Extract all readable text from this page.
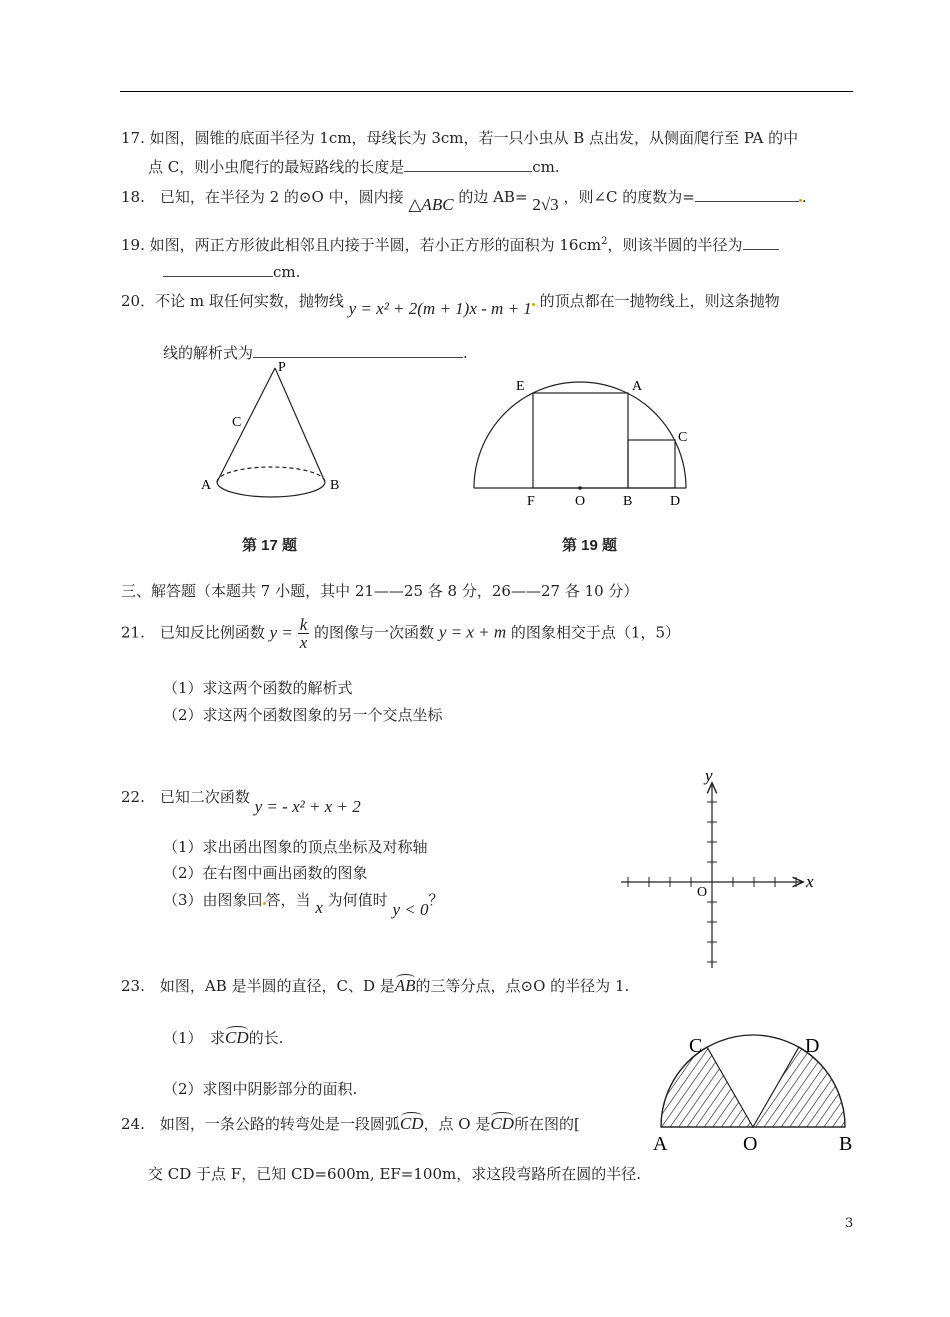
17. 如图，圆锥的底面半径为 1cm，母线长为 3cm，若一只小虫从 B 点出发，从侧面爬行至 PA 的中
点 C，则小虫爬行的最短路线的长度是	cm.
18.　已知，在半径为 2 的⊙O 中，圆内接 △ABC 的边 AB= 2√3 ，则∠C 的度数为=	.
19. 如图，两正方形彼此相邻且内接于半圆，若小正方形的面积为 $16cm^2$，则该半圆的半径为
cm.
20．不论 m 取任何实数，抛物线 y = x² + 2(m + 1)x - m + 1 的顶点都在一抛物线上，则这条抛物
线的解析式为	.
P
C
A	B
第 17 题
E	A
C
F	O	B	D
第 19 题
三、解答题（本题共 7 小题，其中 21——25 各 8 分，26——27 各 10 分）
21.　已知反比例函数 $y = \frac{k}{x}$ 的图像与一次函数 y = x + m 的图象相交于点（1，5）
（1）求这两个函数的解析式
（2）求这两个函数图象的另一个交点坐标
22.　已知二次函数 y = - x² + x + 2
（1）求出函出图象的顶点坐标及对称轴
（2）在右图中画出函数的图象
（3）由图象回 答，当 x 为何值时 y < 0？
x
y
O
23.　如图，AB 是半圆的直径，C、D 是AB的三等分点，点⊙O 的半径为 1.
（1）　求CD的长.
（2）求图中阴影部分的面积.
C	D
A	O	B
24.　如图，一条公路的转弯处是一段圆弧CD，点 O 是CD所在图的[
交 CD 于点 F，已知 CD=600m, EF=100m，求这段弯路所在圆的半径.
3
